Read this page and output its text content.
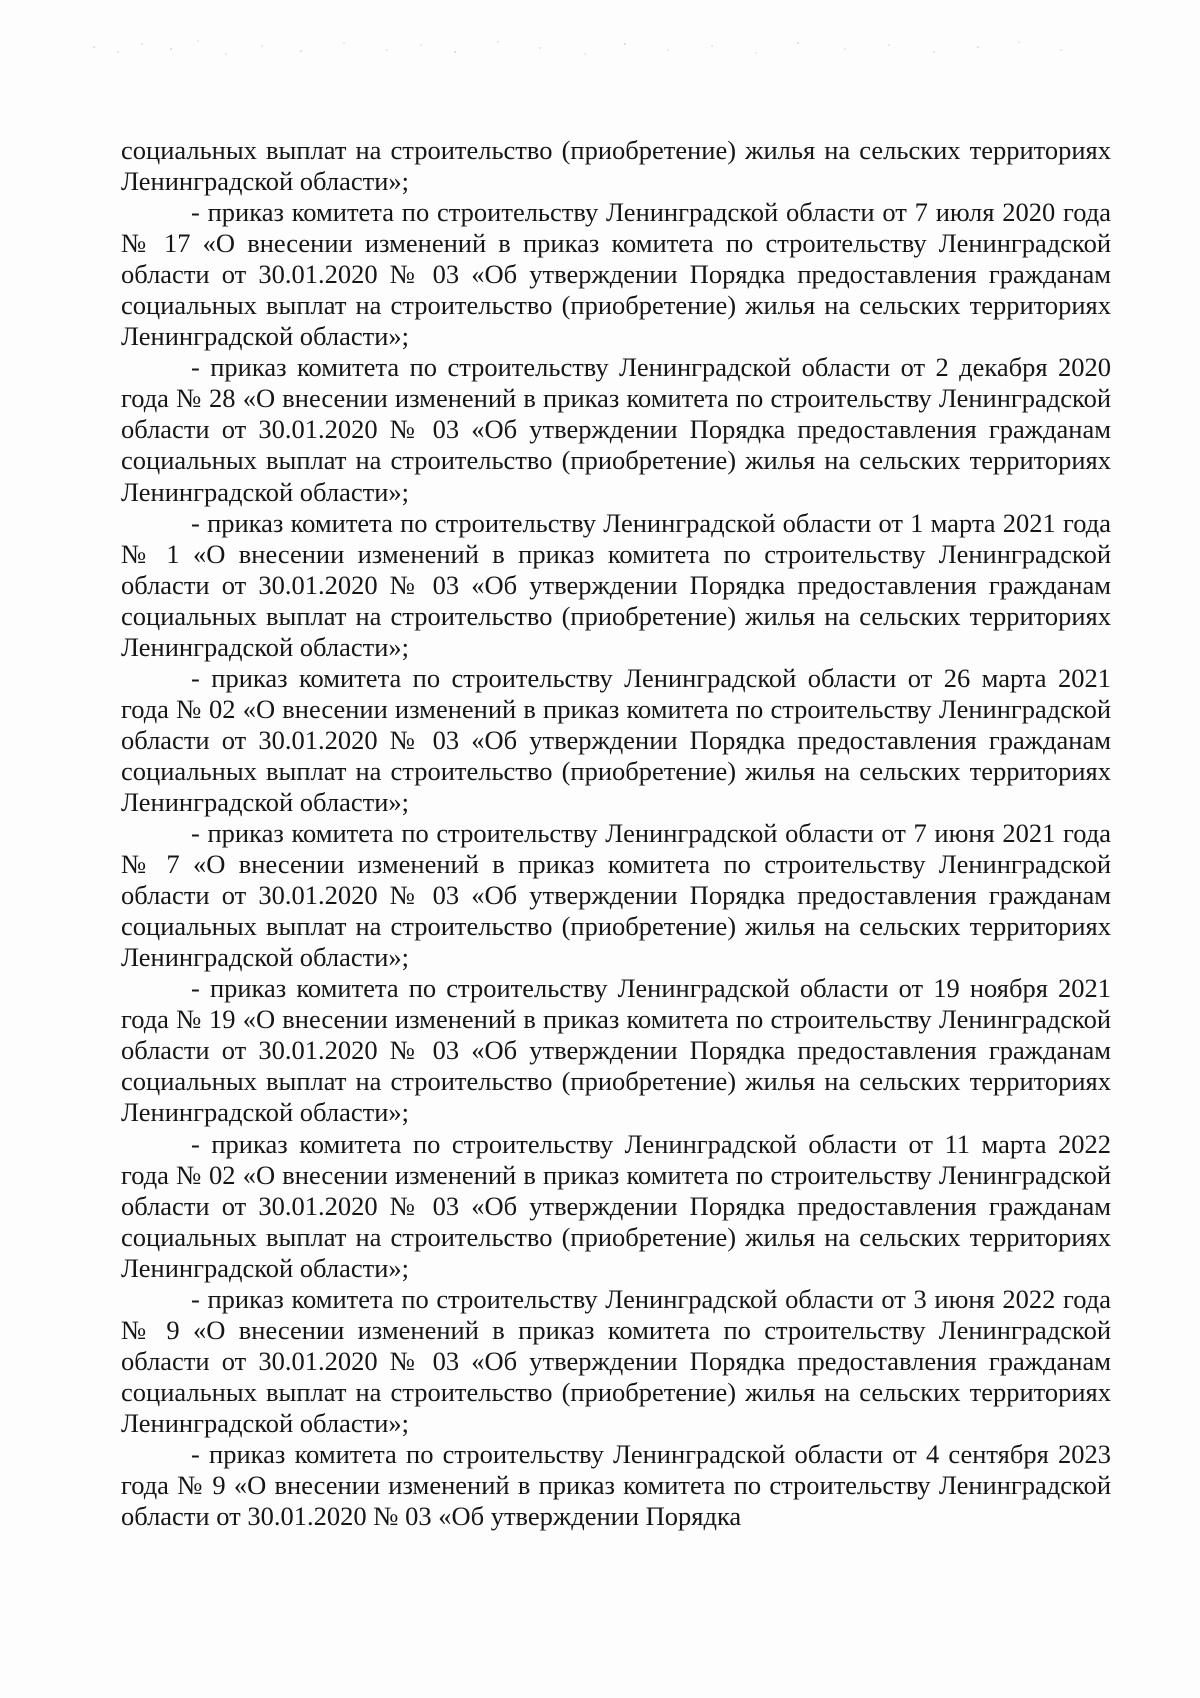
социальных выплат на строительство (приобретение) жилья на сельских территориях Ленинградской области»;

- приказ комитета по строительству Ленинградской области от 7 июля 2020 года № 17 «О внесении изменений в приказ комитета по строительству Ленинградской области от 30.01.2020 № 03 «Об утверждении Порядка предоставления гражданам социальных выплат на строительство (приобретение) жилья на сельских территориях Ленинградской области»;

- приказ комитета по строительству Ленинградской области от 2 декабря 2020 года № 28 «О внесении изменений в приказ комитета по строительству Ленинградской области от 30.01.2020 № 03 «Об утверждении Порядка предоставления гражданам социальных выплат на строительство (приобретение) жилья на сельских территориях Ленинградской области»;

- приказ комитета по строительству Ленинградской области от 1 марта 2021 года № 1 «О внесении изменений в приказ комитета по строительству Ленинградской области от 30.01.2020 № 03 «Об утверждении Порядка предоставления гражданам социальных выплат на строительство (приобретение) жилья на сельских территориях Ленинградской области»;

- приказ комитета по строительству Ленинградской области от 26 марта 2021 года № 02 «О внесении изменений в приказ комитета по строительству Ленинградской области от 30.01.2020 № 03 «Об утверждении Порядка предоставления гражданам социальных выплат на строительство (приобретение) жилья на сельских территориях Ленинградской области»;

- приказ комитета по строительству Ленинградской области от 7 июня 2021 года № 7 «О внесении изменений в приказ комитета по строительству Ленинградской области от 30.01.2020 № 03 «Об утверждении Порядка предоставления гражданам социальных выплат на строительство (приобретение) жилья на сельских территориях Ленинградской области»;

- приказ комитета по строительству Ленинградской области от 19 ноября 2021 года № 19 «О внесении изменений в приказ комитета по строительству Ленинградской области от 30.01.2020 № 03 «Об утверждении Порядка предоставления гражданам социальных выплат на строительство (приобретение) жилья на сельских территориях Ленинградской области»;

- приказ комитета по строительству Ленинградской области от 11 марта 2022 года № 02 «О внесении изменений в приказ комитета по строительству Ленинградской области от 30.01.2020 № 03 «Об утверждении Порядка предоставления гражданам социальных выплат на строительство (приобретение) жилья на сельских территориях Ленинградской области»;

- приказ комитета по строительству Ленинградской области от 3 июня 2022 года № 9 «О внесении изменений в приказ комитета по строительству Ленинградской области от 30.01.2020 № 03 «Об утверждении Порядка предоставления гражданам социальных выплат на строительство (приобретение) жилья на сельских территориях Ленинградской области»;

- приказ комитета по строительству Ленинградской области от 4 сентября 2023 года № 9 «О внесении изменений в приказ комитета по строительству Ленинградской области от 30.01.2020 № 03 «Об утверждении Порядка
